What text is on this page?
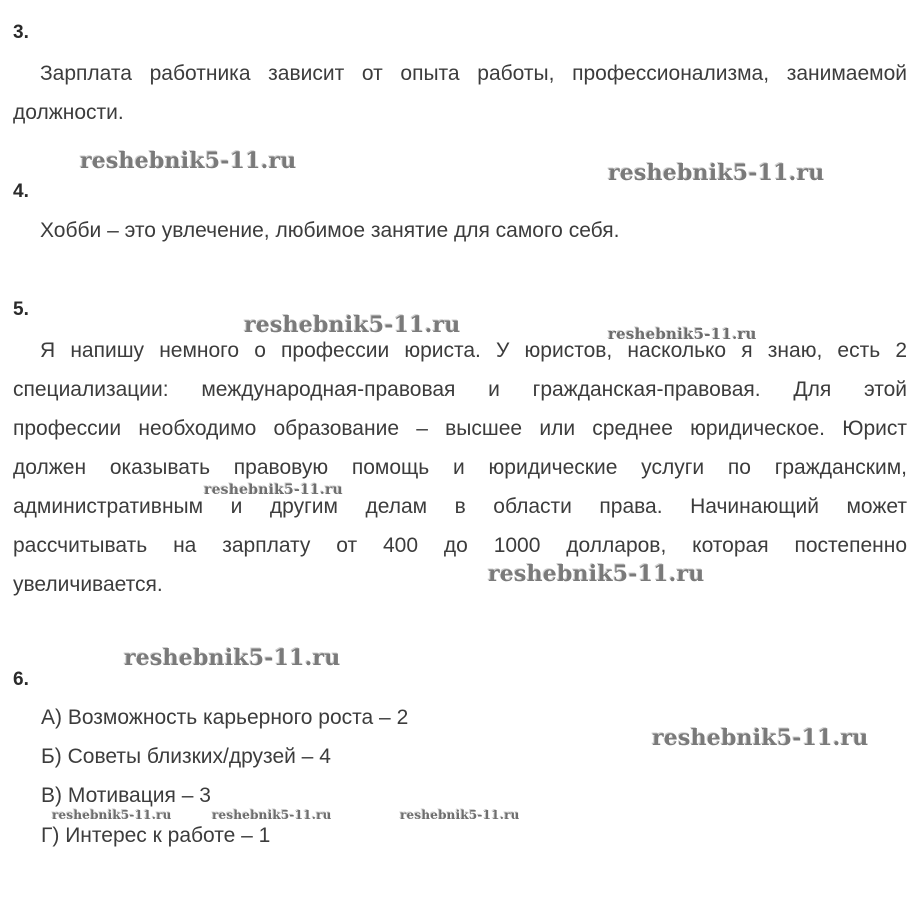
3.
Зарплата работника зависит от опыта работы, профессионализма, занимаемой
должности.
4.
Хобби – это увлечение, любимое занятие для самого себя.
5.
Я напишу немного о профессии юриста. У юристов, насколько я знаю, есть 2
специализации: международная-правовая и гражданская-правовая. Для этой
профессии необходимо образование – высшее или среднее юридическое. Юрист
должен оказывать правовую помощь и юридические услуги по гражданским,
административным и другим делам в области права. Начинающий может
рассчитывать на зарплату от 400 до 1000 долларов, которая постепенно
увеличивается.
6.
А) Возможность карьерного роста – 2
Б) Советы близких/друзей – 4
В) Мотивация – 3
Г) Интерес к работе – 1
reshebnik5-11.ru	reshebnik5-11.ru
reshebnik5-11.ru	reshebnik5-11.ru
reshebnik5-11.ru
reshebnik5-11.ru
reshebnik5-11.ru
reshebnik5-11.ru
reshebnik5-11.ru	reshebnik5-11.ru	reshebnik5-11.ru
